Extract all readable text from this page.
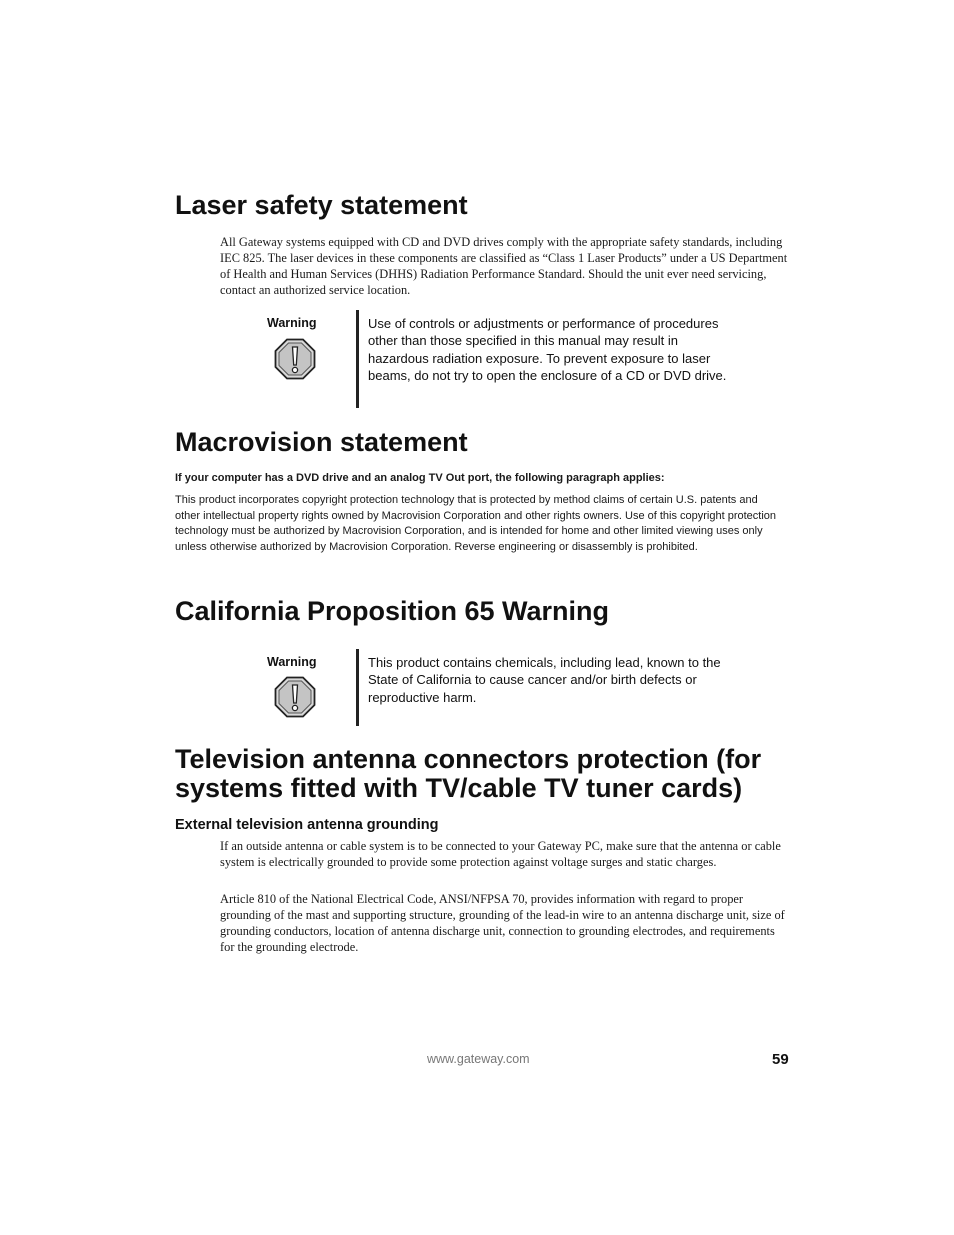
Laser safety statement

All Gateway systems equipped with CD and DVD drives comply with the appropriate safety standards, including IEC 825. The laser devices in these components are classified as “Class 1 Laser Products” under a US Department of Health and Human Services (DHHS) Radiation Performance Standard. Should the unit ever need servicing, contact an authorized service location.

Warning	Use of controls or adjustments or performance of procedures other than those specified in this manual may result in hazardous radiation exposure. To prevent exposure to laser beams, do not try to open the enclosure of a CD or DVD drive.

Macrovision statement

If your computer has a DVD drive and an analog TV Out port, the following paragraph applies:

This product incorporates copyright protection technology that is protected by method claims of certain U.S. patents and other intellectual property rights owned by Macrovision Corporation and other rights owners. Use of this copyright protection technology must be authorized by Macrovision Corporation, and is intended for home and other limited viewing uses only unless otherwise authorized by Macrovision Corporation. Reverse engineering or disassembly is prohibited.

California Proposition 65 Warning
Warning	This product contains chemicals, including lead, known to the State of California to cause cancer and/or birth defects or reproductive harm.

Television antenna connectors protection (for
systems fitted with TV/cable TV tuner cards)
External television antenna grounding

If an outside antenna or cable system is to be connected to your Gateway PC, make sure that the antenna or cable system is electrically grounded to provide some protection against voltage surges and static charges.

Article 810 of the National Electrical Code, ANSI/NFPSA 70, provides information with regard to proper grounding of the mast and supporting structure, grounding of the lead-in wire to an antenna discharge unit, size of grounding conductors, location of antenna discharge unit, connection to grounding electrodes, and requirements for the grounding electrode.

www.gateway.com	59
